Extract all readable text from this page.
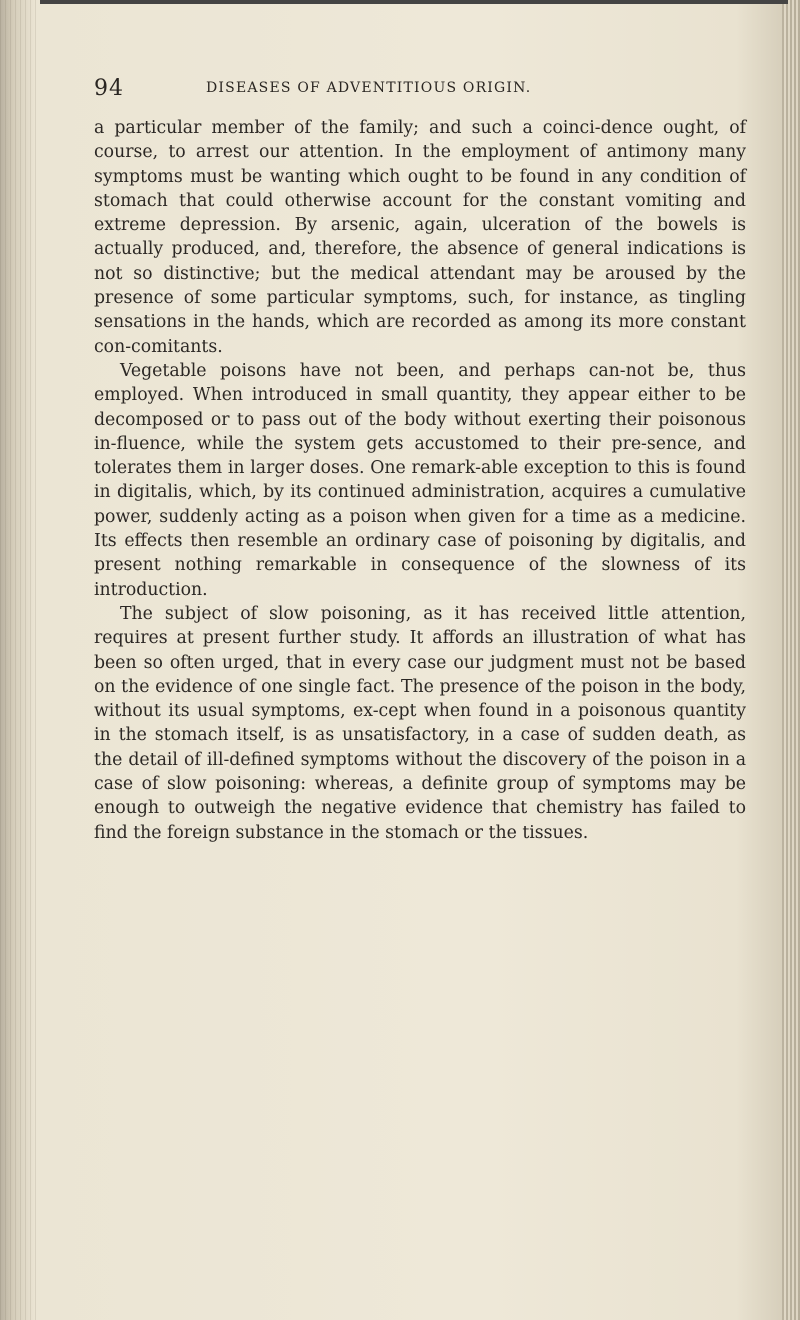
94	DISEASES OF ADVENTITIOUS ORIGIN.

a particular member of the family; and such a coinci-dence ought, of course, to arrest our attention. In the employment of antimony many symptoms must be wanting which ought to be found in any condition of stomach that could otherwise account for the constant vomiting and extreme depression. By arsenic, again, ulceration of the bowels is actually produced, and, therefore, the absence of general indications is not so distinctive; but the medical attendant may be aroused by the presence of some particular symptoms, such, for instance, as tingling sensations in the hands, which are recorded as among its more constant con-comitants.

Vegetable poisons have not been, and perhaps can-not be, thus employed. When introduced in small quantity, they appear either to be decomposed or to pass out of the body without exerting their poisonous in-fluence, while the system gets accustomed to their pre-sence, and tolerates them in larger doses. One remark-able exception to this is found in digitalis, which, by its continued administration, acquires a cumulative power, suddenly acting as a poison when given for a time as a medicine. Its effects then resemble an ordinary case of poisoning by digitalis, and present nothing remarkable in consequence of the slowness of its introduction.

The subject of slow poisoning, as it has received little attention, requires at present further study. It affords an illustration of what has been so often urged, that in every case our judgment must not be based on the evidence of one single fact. The presence of the poison in the body, without its usual symptoms, ex-cept when found in a poisonous quantity in the stomach itself, is as unsatisfactory, in a case of sudden death, as the detail of ill-defined symptoms without the discovery of the poison in a case of slow poisoning: whereas, a definite group of symptoms may be enough to outweigh the negative evidence that chemistry has failed to find the foreign substance in the stomach or the tissues.
